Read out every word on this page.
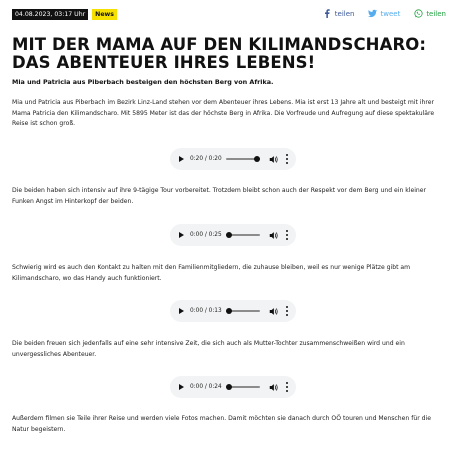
04.08.2023, 03:17 Uhr	News	teilen	tweet	teilen
MIT DER MAMA AUF DEN KILIMANDSCHARO: DAS ABENTEUER IHRES LEBENS!

Mia und Patricia aus Piberbach besteigen den höchsten Berg von Afrika.

Mia und Patricia aus Piberbach im Bezirk Linz-Land stehen vor dem Abenteuer ihres Lebens. Mia ist erst 13 Jahre alt und besteigt mit ihrer Mama Patricia den Kilimandscharo. Mit 5895 Meter ist das der höchste Berg in Afrika. Die Vorfreude und Aufregung auf diese spektakuläre Reise ist schon groß.

0:20 / 0:20

Die beiden haben sich intensiv auf ihre 9-tägige Tour vorbereitet. Trotzdem bleibt schon auch der Respekt vor dem Berg und ein kleiner Funken Angst im Hinterkopf der beiden.

0:00 / 0:25

Schwierig wird es auch den Kontakt zu halten mit den Familienmitgliedern, die zuhause bleiben, weil es nur wenige Plätze gibt am Kilimandscharo, wo das Handy auch funktioniert.

0:00 / 0:13

Die beiden freuen sich jedenfalls auf eine sehr intensive Zeit, die sich auch als Mutter-Tochter zusammenschweißen wird und ein unvergessliches Abenteuer.

0:00 / 0:24

Außerdem filmen sie Teile ihrer Reise und werden viele Fotos machen. Damit möchten sie danach durch OÖ touren und Menschen für die Natur begeistern.
